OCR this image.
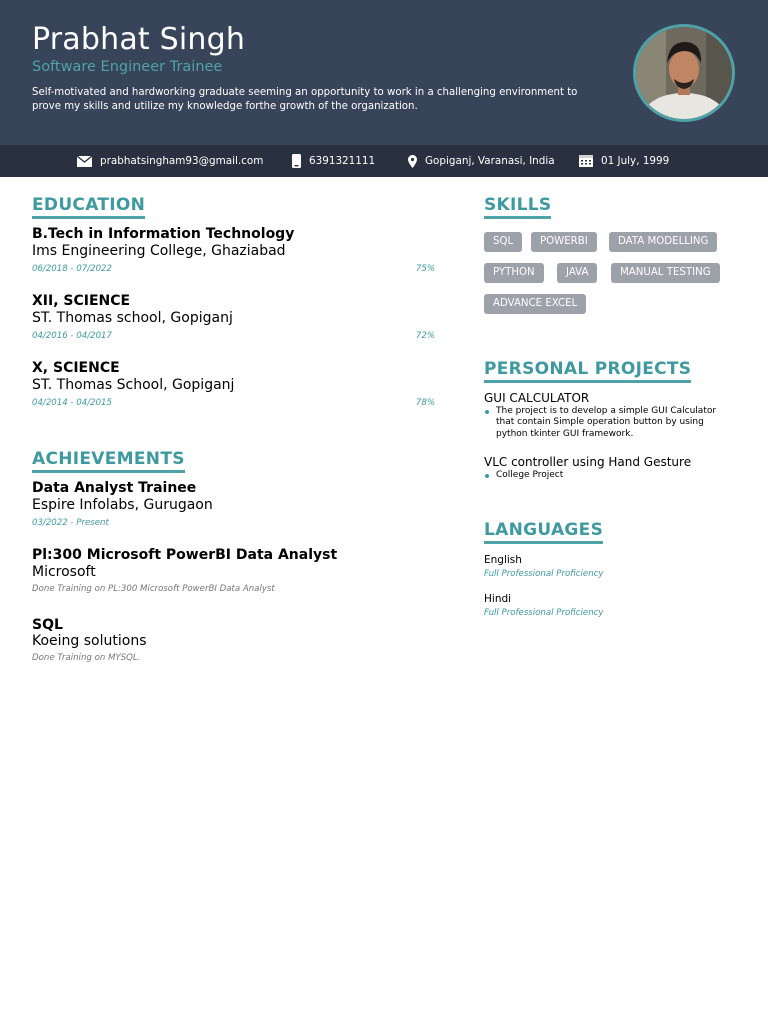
Prabhat Singh
Software Engineer Trainee
Self-motivated and hardworking graduate seeming an opportunity to work in a challenging environment to prove my skills and utilize my knowledge forthe growth of the organization.
prabhatsingham93@gmail.com	6391321111	Gopiganj, Varanasi, India	01 July, 1999
EDUCATION
B.Tech in Information Technology
Ims Engineering College, Ghaziabad
06/2018 - 07/2022	75%
XII, SCIENCE
ST. Thomas school, Gopiganj
04/2016 - 04/2017	72%
X, SCIENCE
ST. Thomas School, Gopiganj
04/2014 - 04/2015	78%
ACHIEVEMENTS
Data Analyst Trainee
Espire Infolabs, Gurugaon
03/2022 - Present
Pl:300 Microsoft PowerBI Data Analyst
Microsoft
Done Training on PL:300 Microsoft PowerBI Data Analyst
SQL
Koeing solutions
Done Training on MYSQL.
SKILLS
SQL	POWERBI	DATA MODELLING
PYTHON	JAVA	MANUAL TESTING
ADVANCE EXCEL
PERSONAL PROJECTS
GUI CALCULATOR
The project is to develop a simple GUI Calculator that contain Simple operation button by using python tkinter GUI framework.
VLC controller using Hand Gesture
College Project
LANGUAGES
English
Full Professional Proficiency
Hindi
Full Professional Proficiency
